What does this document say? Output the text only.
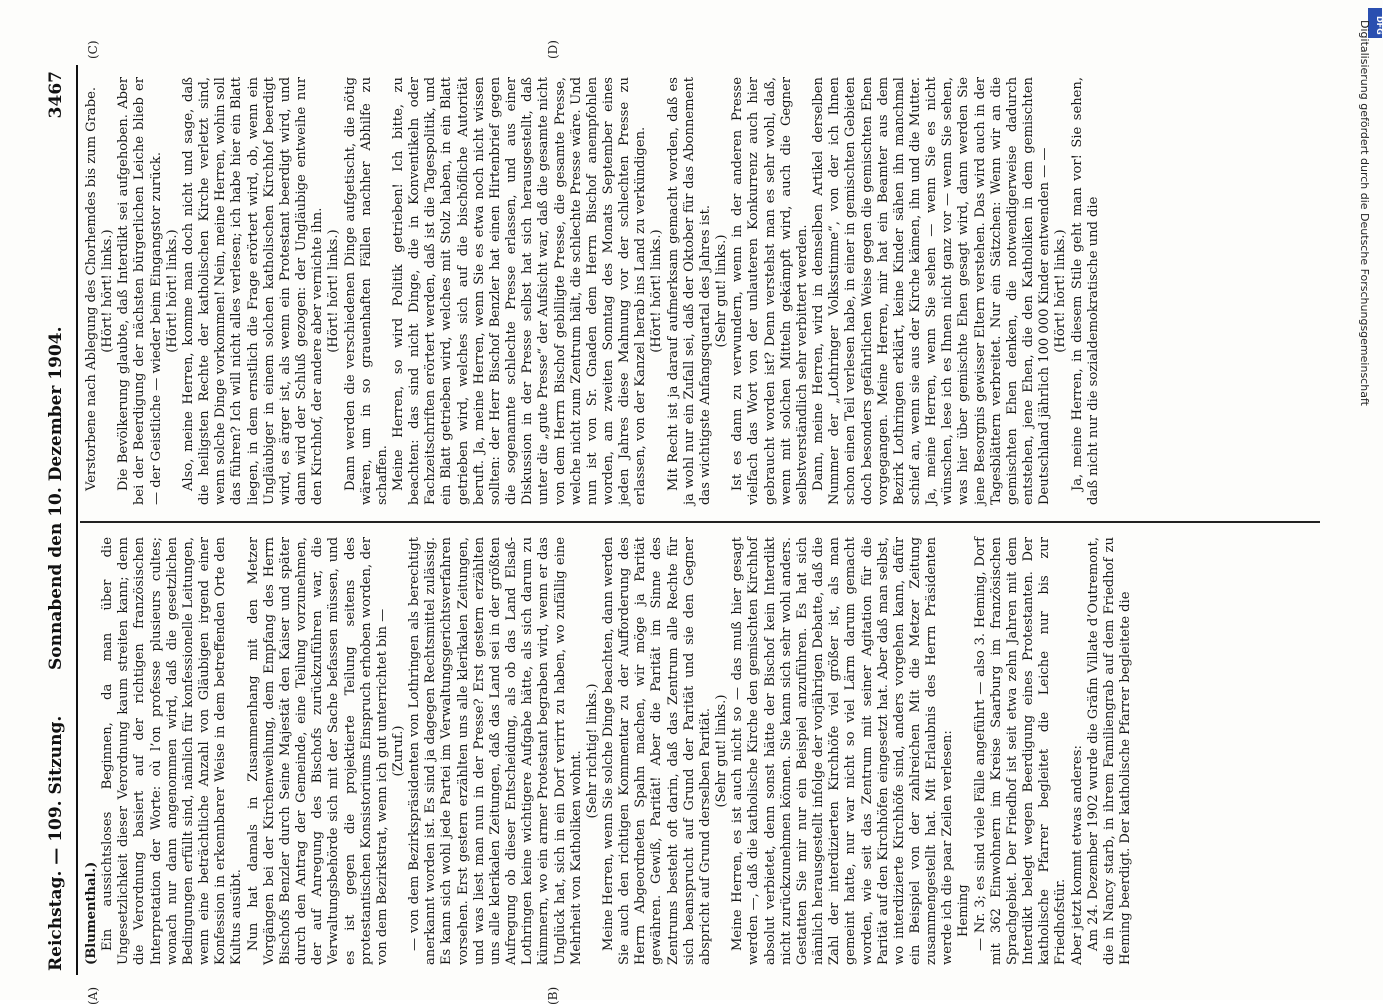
Reichstag. — 109. Sitzung.
Sonnabend den 10. Dezember 1904.
3467
(A)	(B)
(C)	(D)

(Blumenthal.) Ein aussichtsloses Beginnen, da man über die Ungesetzlichkeit dieser Verordnung kaum streiten kann; denn die Verordnung basiert auf der richtigen französischen Interpretation der Worte: où l’on professe plusieurs cultes; wonach nur dann angenommen wird, daß die gesetzlichen Bedingungen erfüllt sind, nämlich für konfessionelle Leitungen, wenn eine beträchtliche Anzahl von Gläubigen irgend einer Konfession in erkennbarer Weise in dem betreffenden Orte den Kultus ausübt. Nun hat damals in Zusammenhang mit den Metzer Vorgängen bei der Kirchenweihung, dem Empfang des Herrn Bischofs Benzler durch Seine Majestät den Kaiser und später durch den Antrag der Gemeinde, eine Teilung vorzunehmen, der auf Anregung des Bischofs zurückzuführen war, die Verwaltungsbehörde sich mit der Sache befassen müssen, und es ist gegen die projektierte Teilung seitens des protestantischen Konsistoriums Einspruch erhoben worden, der von dem Bezirkstrat, wenn ich gut unterrichtet bin — (Zuruf.) — von dem Bezirkspräsidenten von Lothringen als berechtigt anerkannt worden ist. Es sind ja dagegen Rechtsmittel zulässig. Es kann sich wohl jede Partei im Verwaltungsgerichtsverfahren vorsehen. Erst gestern erzählten uns alle klerikalen Zeitungen, und was liest man nun in der Presse? Erst gestern erzählten uns alle klerikalen Zeitungen, daß das Land sei in der größten Aufregung ob dieser Entscheidung, als ob das Land Elsaß-Lothringen keine wichtigere Aufgabe hätte, als sich darum zu kümmern, wo ein armer Protestant begraben wird, wenn er das Unglück hat, sich in ein Dorf verirrt zu haben, wo zufällig eine Mehrheit von Katholiken wohnt. (Sehr richtig! links.) Meine Herren, wenn Sie solche Dinge beachten, dann werden Sie auch den richtigen Kommentar zu der Aufforderung des Herrn Abgeordneten Spahn machen, wir möge ja Parität gewähren. Gewiß, Parität! Aber die Parität im Sinne des Zentrums besteht oft darin, daß das Zentrum alle Rechte für sich beansprucht auf Grund der Parität und sie den Gegner abspricht auf Grund derselben Parität. (Sehr gut! links.) Meine Herren, es ist auch nicht so — das muß hier gesagt werden —, daß die katholische Kirche den gemischten Kirchhof absolut verbietet, denn sonst hätte der Bischof kein Interdikt nicht zurückzunehmen können. Sie kann sich sehr wohl anders. Gestatten Sie mir nur ein Beispiel anzuführen. Es hat sich nämlich herausgestellt infolge der vorjährigen Debatte, daß die Zahl der interdizierten Kirchhöfe viel größer ist, als man gemeint hatte, nur war nicht so viel Lärm darum gemacht worden, wie seit das Zentrum mit seiner Agitation für die Parität auf den Kirchhöfen eingesetzt hat. Aber daß man selbst, wo interdizierte Kirchhöfe sind, anders vorgehen kann, dafür ein Beispiel von der zahlreichen Mit die Metzer Zeitung zusammengestellt hat. Mit Erlaubnis des Herrn Präsidenten werde ich die paar Zeilen verlesen: Heming — Nr. 3; es sind viele Fälle angeführt — also 3. Heming, Dorf mit 362 Einwohnern im Kreise Saarburg im französischen Sprachgebiet. Der Friedhof ist seit etwa zehn Jahren mit dem Interdikt belegt wegen Beerdigung eines Protestanten. Der katholische Pfarrer begleitet die Leiche nur bis zur Friedhofstür. Aber jetzt kommt etwas anderes: Am 24. Dezember 1902 wurde die Gräfin Villate d’Outremont, die in Nancy starb, in ihrem Familiengrab auf dem Friedhof zu Heming beerdigt. Der katholische Pfarrer begleitete die

Verstorbene nach Ablegung des Chorhemdes bis zum Grabe. (Hört! hört! links.) Die Bevölkerung glaubte, daß Interdikt sei aufgehoben. Aber bei der Beerdigung der nächsten bürgerlichen Leiche blieb er — der Geistliche — wieder beim Eingangstor zurück. (Hört! hört! links.) Also, meine Herren, komme man doch nicht und sage, daß die heiligsten Rechte der katholischen Kirche verletzt sind, wenn solche Dinge vorkommen! Nein, meine Herren, wohin soll das führen? Ich will nicht alles verlesen; ich habe hier ein Blatt liegen, in dem ernstlich die Frage erörtert wird, ob, wenn ein Ungläubiger in einem solchen katholischen Kirchhof beerdigt wird, es ärger ist, als wenn ein Protestant beerdigt wird, und dann wird der Schluß gezogen: der Ungläubige entweihe nur den Kirchhof, der andere aber vernichte ihn. (Hört! hört! links.) Dann werden die verschiedenen Dinge aufgetischt, die nötig wären, um in so grauenhaften Fällen nachher Abhilfe zu schaffen. Meine Herren, so wird Politik getrieben! Ich bitte, zu beachten: das sind nicht Dinge, die in Konventikeln oder Fachzeitschriften erörtert werden, daß ist die Tagespolitik, und ein Blatt getrieben wird, welches mit Stolz haben, in ein Blatt getrieben wird, welches sich auf die bischöfliche Autorität beruft. Ja, meine Herren, wenn Sie es etwa noch nicht wissen sollten: der Herr Bischof Benzler hat einen Hirtenbrief gegen die sogenannte schlechte Presse erlassen, und aus einer Diskussion in der Presse selbst hat sich herausgestellt, daß unter die „gute Presse“ der Aufsicht war, daß die gesamte nicht von dem Herrn Bischof gebilligte Presse, die gesamte Presse, welche nicht zum Zentrum hält, die schlechte Presse wäre. Und nun ist von Sr. Gnaden dem Herrn Bischof anempfohlen worden, am zweiten Sonntag des Monats September eines jeden Jahres diese Mahnung vor der schlechten Presse zu erlassen, von der Kanzel herab ins Land zu verkündigen. (Hört! hört! links.) Mit Recht ist ja darauf aufmerksam gemacht worden, daß es ja wohl nur ein Zufall sei, daß der Oktober für das Abonnement das wichtigste Anfangsquartal des Jahres ist. (Sehr gut! links.) Ist es dann zu verwundern, wenn in der anderen Presse vielfach das Wort von der unlauteren Konkurrenz auch hier gebraucht worden ist? Denn verstehst man es sehr wohl, daß, wenn mit solchen Mitteln gekämpft wird, auch die Gegner selbstverständlich sehr verbittert werden. Dann, meine Herren, wird in demselben Artikel derselben Nummer der „Lothringer Volksstimme“, von der ich Ihnen schon einen Teil verlesen habe, in einer in gemischten Gebieten doch besonders gefährlichen Weise gegen die gemischten Ehen vorgegangen. Meine Herren, mir hat ein Beamter aus dem Bezirk Lothringen erklärt, keine Kinder sähen ihn manchmal schief an, wenn sie aus der Kirche kämen, ihn und die Mutter. Ja, meine Herren, wenn Sie sehen — wenn Sie es nicht wünschen, lese ich es Ihnen nicht ganz vor — wenn Sie sehen, was hier über gemischte Ehen gesagt wird, dann werden Sie jene Besorgnis gewisser Eltern verstehen. Das wird auch in der Tagesblättern verbreitet. Nur ein Sätzchen: Wenn wir an die gemischten Ehen denken, die notwendigerweise dadurch entstehen, jene Ehen, die den Katholiken in dem gemischten Deutschland jährlich 100 000 Kinder entwenden — — (Hört! hört! links.) Ja, meine Herren, in diesem Stile geht man vor! Sie sehen, daß nicht nur die sozialdemokratische und die

DFG
Digitalisierung gefördert durch die Deutsche Forschungsgemeinschaft
